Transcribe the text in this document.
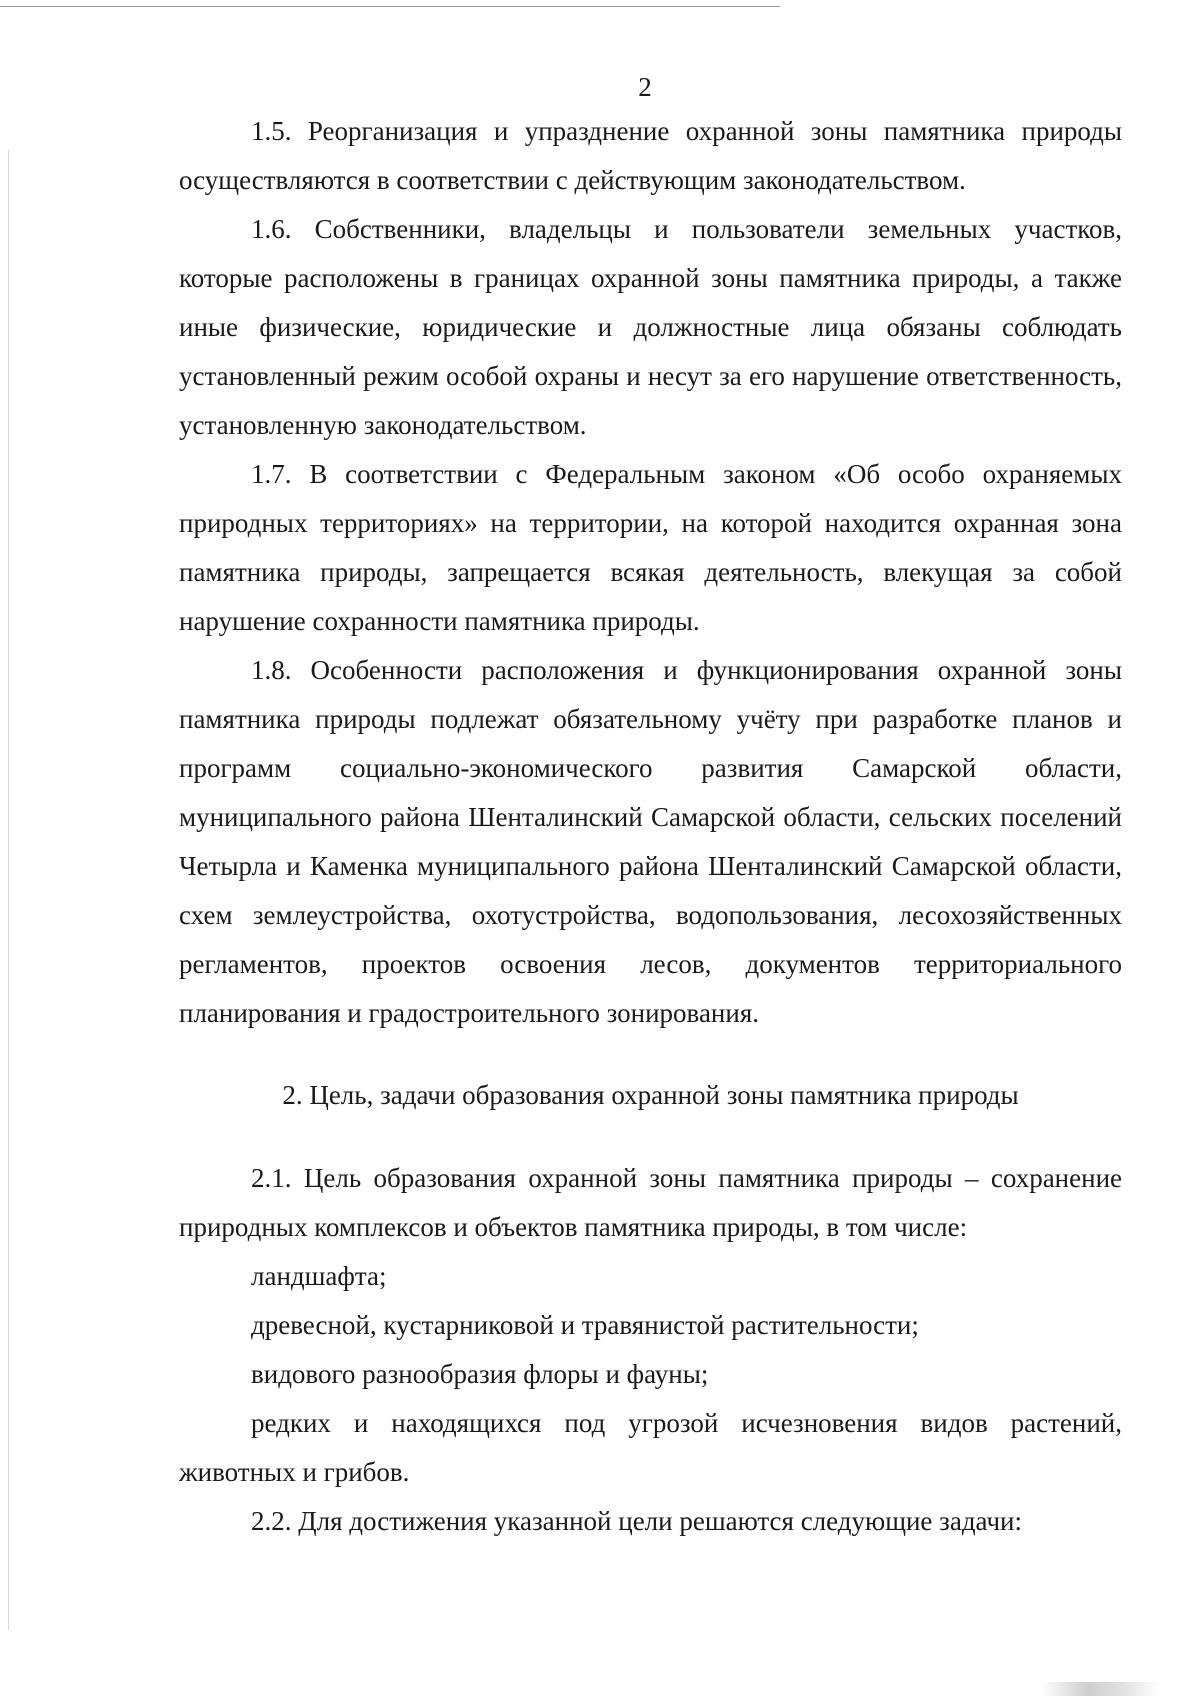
2

1.5. Реорганизация и упразднение охранной зоны памятника природы осуществляются в соответствии с действующим законодательством.

1.6. Собственники, владельцы и пользователи земельных участков, которые расположены в границах охранной зоны памятника природы, а также иные физические, юридические и должностные лица обязаны соблюдать установленный режим особой охраны и несут за его нарушение ответственность, установленную законодательством.

1.7. В соответствии с Федеральным законом «Об особо охраняемых природных территориях» на территории, на которой находится охранная зона памятника природы, запрещается всякая деятельность, влекущая за собой нарушение сохранности памятника природы.

1.8. Особенности расположения и функционирования охранной зоны памятника природы подлежат обязательному учёту при разработке планов и программ социально-экономического развития Самарской области, муниципального района Шенталинский Самарской области, сельских поселений Четырла и Каменка муниципального района Шенталинский Самарской области, схем землеустройства, охотустройства, водопользования, лесохозяйственных регламентов, проектов освоения лесов, документов территориального планирования и градостроительного зонирования.

2. Цель, задачи образования охранной зоны памятника природы

2.1. Цель образования охранной зоны памятника природы – сохранение природных комплексов и объектов памятника природы, в том числе:

ландшафта;

древесной, кустарниковой и травянистой растительности;

видового разнообразия флоры и фауны;

редких и находящихся под угрозой исчезновения видов растений, животных и грибов.

2.2. Для достижения указанной цели решаются следующие задачи:
